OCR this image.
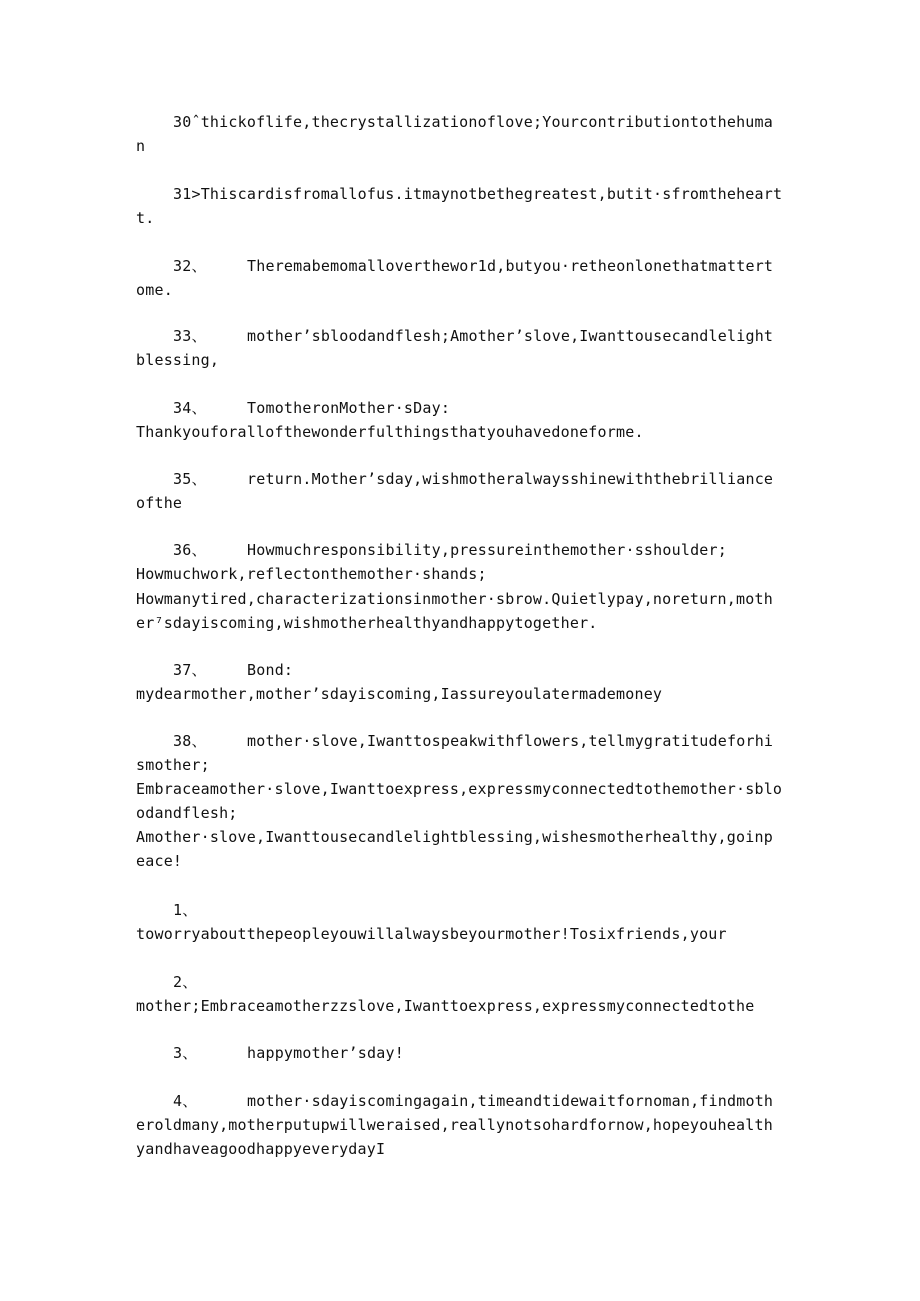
30ˆthickoflife,thecrystallizationoflove;Yourcontributiontothehuma
n
31>Thiscardisfromallofus.itmaynotbethegreatest,butit·sfromtheheart
t.
32、	Theremabemomalloverthewor1d,butyou·retheonlonethatmattert
ome.
33、	mother’sbloodandflesh;Amother’slove,Iwanttousecandlelight
blessing,
34、	TomotheronMother·sDay:
Thankyouforallofthewonderfulthingsthatyouhavedoneforme.
35、	return.Mother’sday,wishmotheralwaysshinewiththebrilliance
ofthe
36、	Howmuchresponsibility,pressureinthemother·sshoulder;
Howmuchwork,reflectonthemother·shands;
Howmanytired,characterizationsinmother·sbrow.Quietlypay,noreturn,moth
er⁷sdayiscoming,wishmotherhealthyandhappytogether.
37、	Bond:
mydearmother,mother’sdayiscoming,Iassureyoulatermademoney
38、	mother·slove,Iwanttospeakwithflowers,tellmygratitudeforhi
smother;
Embraceamother·slove,Iwanttoexpress,expressmyconnectedtothemother·sblo
odandflesh;
Amother·slove,Iwanttousecandlelightblessing,wishesmotherhealthy,goinp
eace!
1、
toworryaboutthepeopleyouwillalwaysbeyourmother!Tosixfriends,your
2、
mother;Embraceamotherzzslove,Iwanttoexpress,expressmyconnectedtothe
3、	happymother’sday!
4、	mother·sdayiscomingagain,timeandtidewaitfornoman,findmoth
eroldmany,motherputupwillweraised,reallynotsohardfornow,hopeyouhealth
yandhaveagoodhappyeverydayI
